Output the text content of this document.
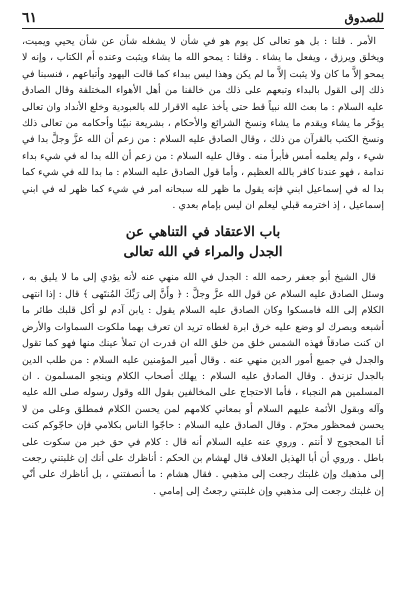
للصدوق
٦١

الأمر . قلنا : بل هو تعالى كل يوم هو في شأن لا يشغله شأن عن شأن يحيي ويميت، ويخلق ويرزق ، ويفعل ما يشاء . وقلنا : يمحو الله ما يشاء ويثبت وعنده أم الكتاب ، وإنه لا يمحو إلاَّ ما كان ولا يثبت إلاَّ ما لم يكن وهذا ليس ببداء كما قالت اليهود وأتباعهم ، فنسبنا في ذلك إلى القول بالبداء وتبعهم على ذلك من خالفنا من أهل الأهواء المختلفة وقال الصادق عليه السلام : ما بعث الله نبياً قط حتى يأخذ عليه الاقرار لله بالعبودية وخلع الأنداد وان تعالى يؤخّر ما يشاء ويقدم ما يشاء ونسخ الشرائع والأحكام ، بشريعة نبيّنا وأحكامه من تعالى ذلك ونسخ الكتب بالقرآن من ذلك ، وقال الصادق عليه السلام : من زعم أن الله عزَّ وجلَّ بدا في شيء ، ولم يعلمه أمس فأبرأ منه . وقال عليه السلام : من زعم أن الله بدا له في شيء بداء ندامة ، فهو عندنا كافر بالله العظيم ، وأما قول الصادق عليه السلام : ما بدا لله في شيء كما بدا له في إسماعيل ابني فإنه يقول ما ظهر لله سبحانه امر في شيء كما ظهر له في ابني إسماعيل ، إذ اخترمه قبلي ليعلم ان ليس بإمام بعدي .

باب الاعتقاد في التناهي عن
الجدل والمراء في الله تعالى

قال الشيخ أبو جعفر رحمه الله : الجدل في الله منهي عنه لأنه يؤدي إلى ما لا يليق به ، وسئل الصادق عليه السلام عن قول الله عزَّ وجلَّ : ﴿ وأَنَّ إلى رَبِّكَ المُنتَهى ﴾ قال : إذا انتهى الكلام إلى الله فامسكوا وكان الصادق عليه السلام يقول : يابن آدم لو أكل قلبك طائر ما أشبعه وبصرك لو وضع عليه خرق ابرة لغطاه تريد ان تعرف بهما ملكوت السماوات والأرض ان كنت صادقاً فهذه الشمس خلق من خلق الله ان قدرت ان تملأ عينك منها فهو كما تقول والجدل في جميع أمور الدين منهي عنه . وقال أمير المؤمنين عليه السلام : من طلب الدين بالجدل تزندق . وقال الصادق عليه السلام : يهلك أصحاب الكلام وينجو المسلمون . ان المسلمين هم النجباء ، فأما الاحتجاج على المخالفين بقول الله وقول رسوله صلى الله عليه وآله وبقول الأئمة عليهم السلام أو بمعاني كلامهم لمن يحسن الكلام فمطلق وعلى من لا يحسن فمحظور محرّم . وقال الصادق عليه السلام : حاجّوا الناس بكلامي فإن حاجّوكم كنت أنا المحجوج لا أنتم . وروي عنه عليه السلام أنه قال : كلام في حق خير من سكوت على باطل . وروي أن أبا الهذيل العلاف قال لهشام بن الحكم : أناظرك على أنك إن غلبتني رجعت إلى مذهبك وإن غلبتك رجعت إلى مذهبي . فقال هشام : ما أنصفتني ، بل أناظرك على أنّي إن غلبتك رجعت إلى مذهبي وإن غلبتني رجعتُ إلى إمامي .
